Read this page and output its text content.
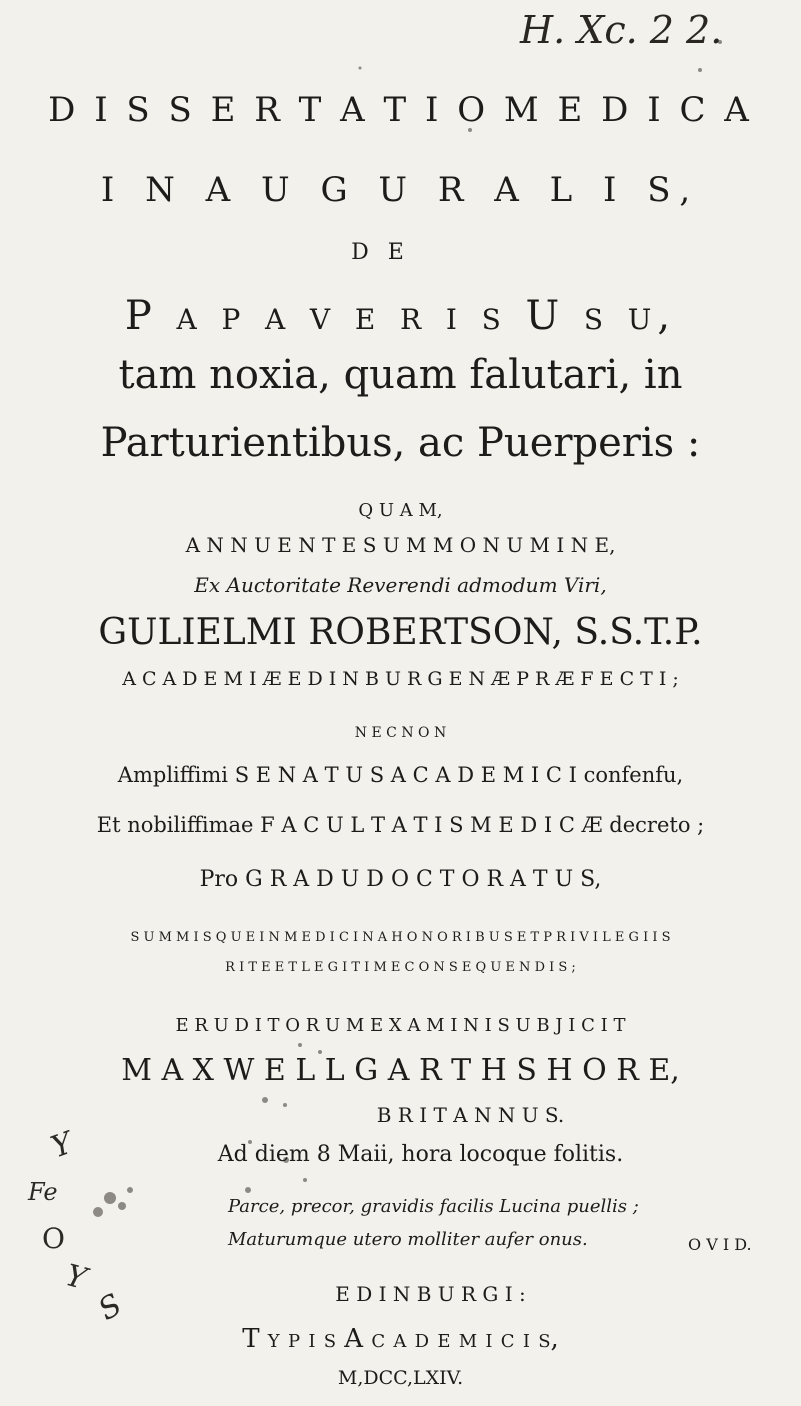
H. Xc. 2 2.
D I S S E R T A T I O M E D I C A
I N A U G U R A L I S,
D E
P a p a v e r i s U s u,
tam noxia, quam falutari, in
Parturientibus, ac Puerperis :
Q U A M,
A N N U E N T E S U M M O N U M I N E,
Ex Auctoritate Reverendi admodum Viri,
GULIELMI ROBERTSON, S.S.T.P.
A C A D E M I Æ E D I N B U R G E N Æ P R Æ F E C T I ;
N E C N O N
Ampliffimi S E N A T U S A C A D E M I C I confenfu,
Et nobiliffimae F A C U L T A T I S M E D I C Æ decreto ;
Pro G R A D U D O C T O R A T U S,
S U M M I S Q U E I N M E D I C I N A H O N O R I B U S E T P R I V I L E G I I S
R I T E E T L E G I T I M E C O N S E Q U E N D I S ;
E R U D I T O R U M E X A M I N I S U B J I C I T
M A X W E L L G A R T H S H O R E,
B R I T A N N U S.
Ad diem 8 Maii, hora locoque folitis.
Parce, precor, gravidis facilis Lucina puellis ;
Maturumque utero molliter aufer onus.	O V I D.
E D I N B U R G I :
T y p i s A c a d e m i c i s,
M,DCC,LXIV.
Y
Fe
O
Y
S
